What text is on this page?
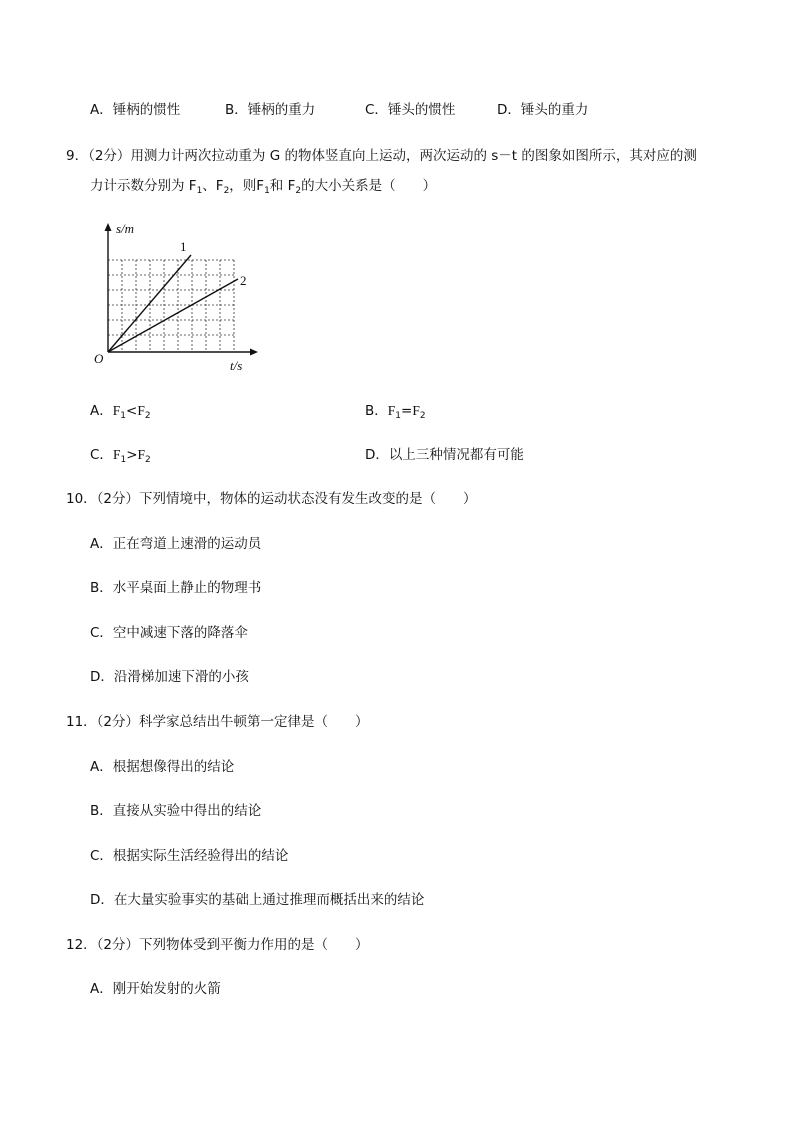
A．锤柄的惯性	B．锤柄的重力	C．锤头的惯性	D．锤头的重力
9．（2分）用测力计两次拉动重为 G 的物体竖直向上运动，两次运动的 s－t 的图象如图所示，其对应的测
力计示数分别为 $F_1$、$F_2$，则$F_1$和 $F_2$的大小关系是（　　）
s/m
t/s
O
1
2
A．$F_1<F_2$	B．$F_1=F_2$
C．$F_1>F_2$	D．以上三种情况都有可能
10．（2分）下列情境中，物体的运动状态没有发生改变的是（　　）
A．正在弯道上速滑的运动员
B．水平桌面上静止的物理书
C．空中减速下落的降落伞
D．沿滑梯加速下滑的小孩
11．（2分）科学家总结出牛顿第一定律是（　　）
A．根据想像得出的结论
B．直接从实验中得出的结论
C．根据实际生活经验得出的结论
D．在大量实验事实的基础上通过推理而概括出来的结论
12．（2分）下列物体受到平衡力作用的是（　　）
A．刚开始发射的火箭
